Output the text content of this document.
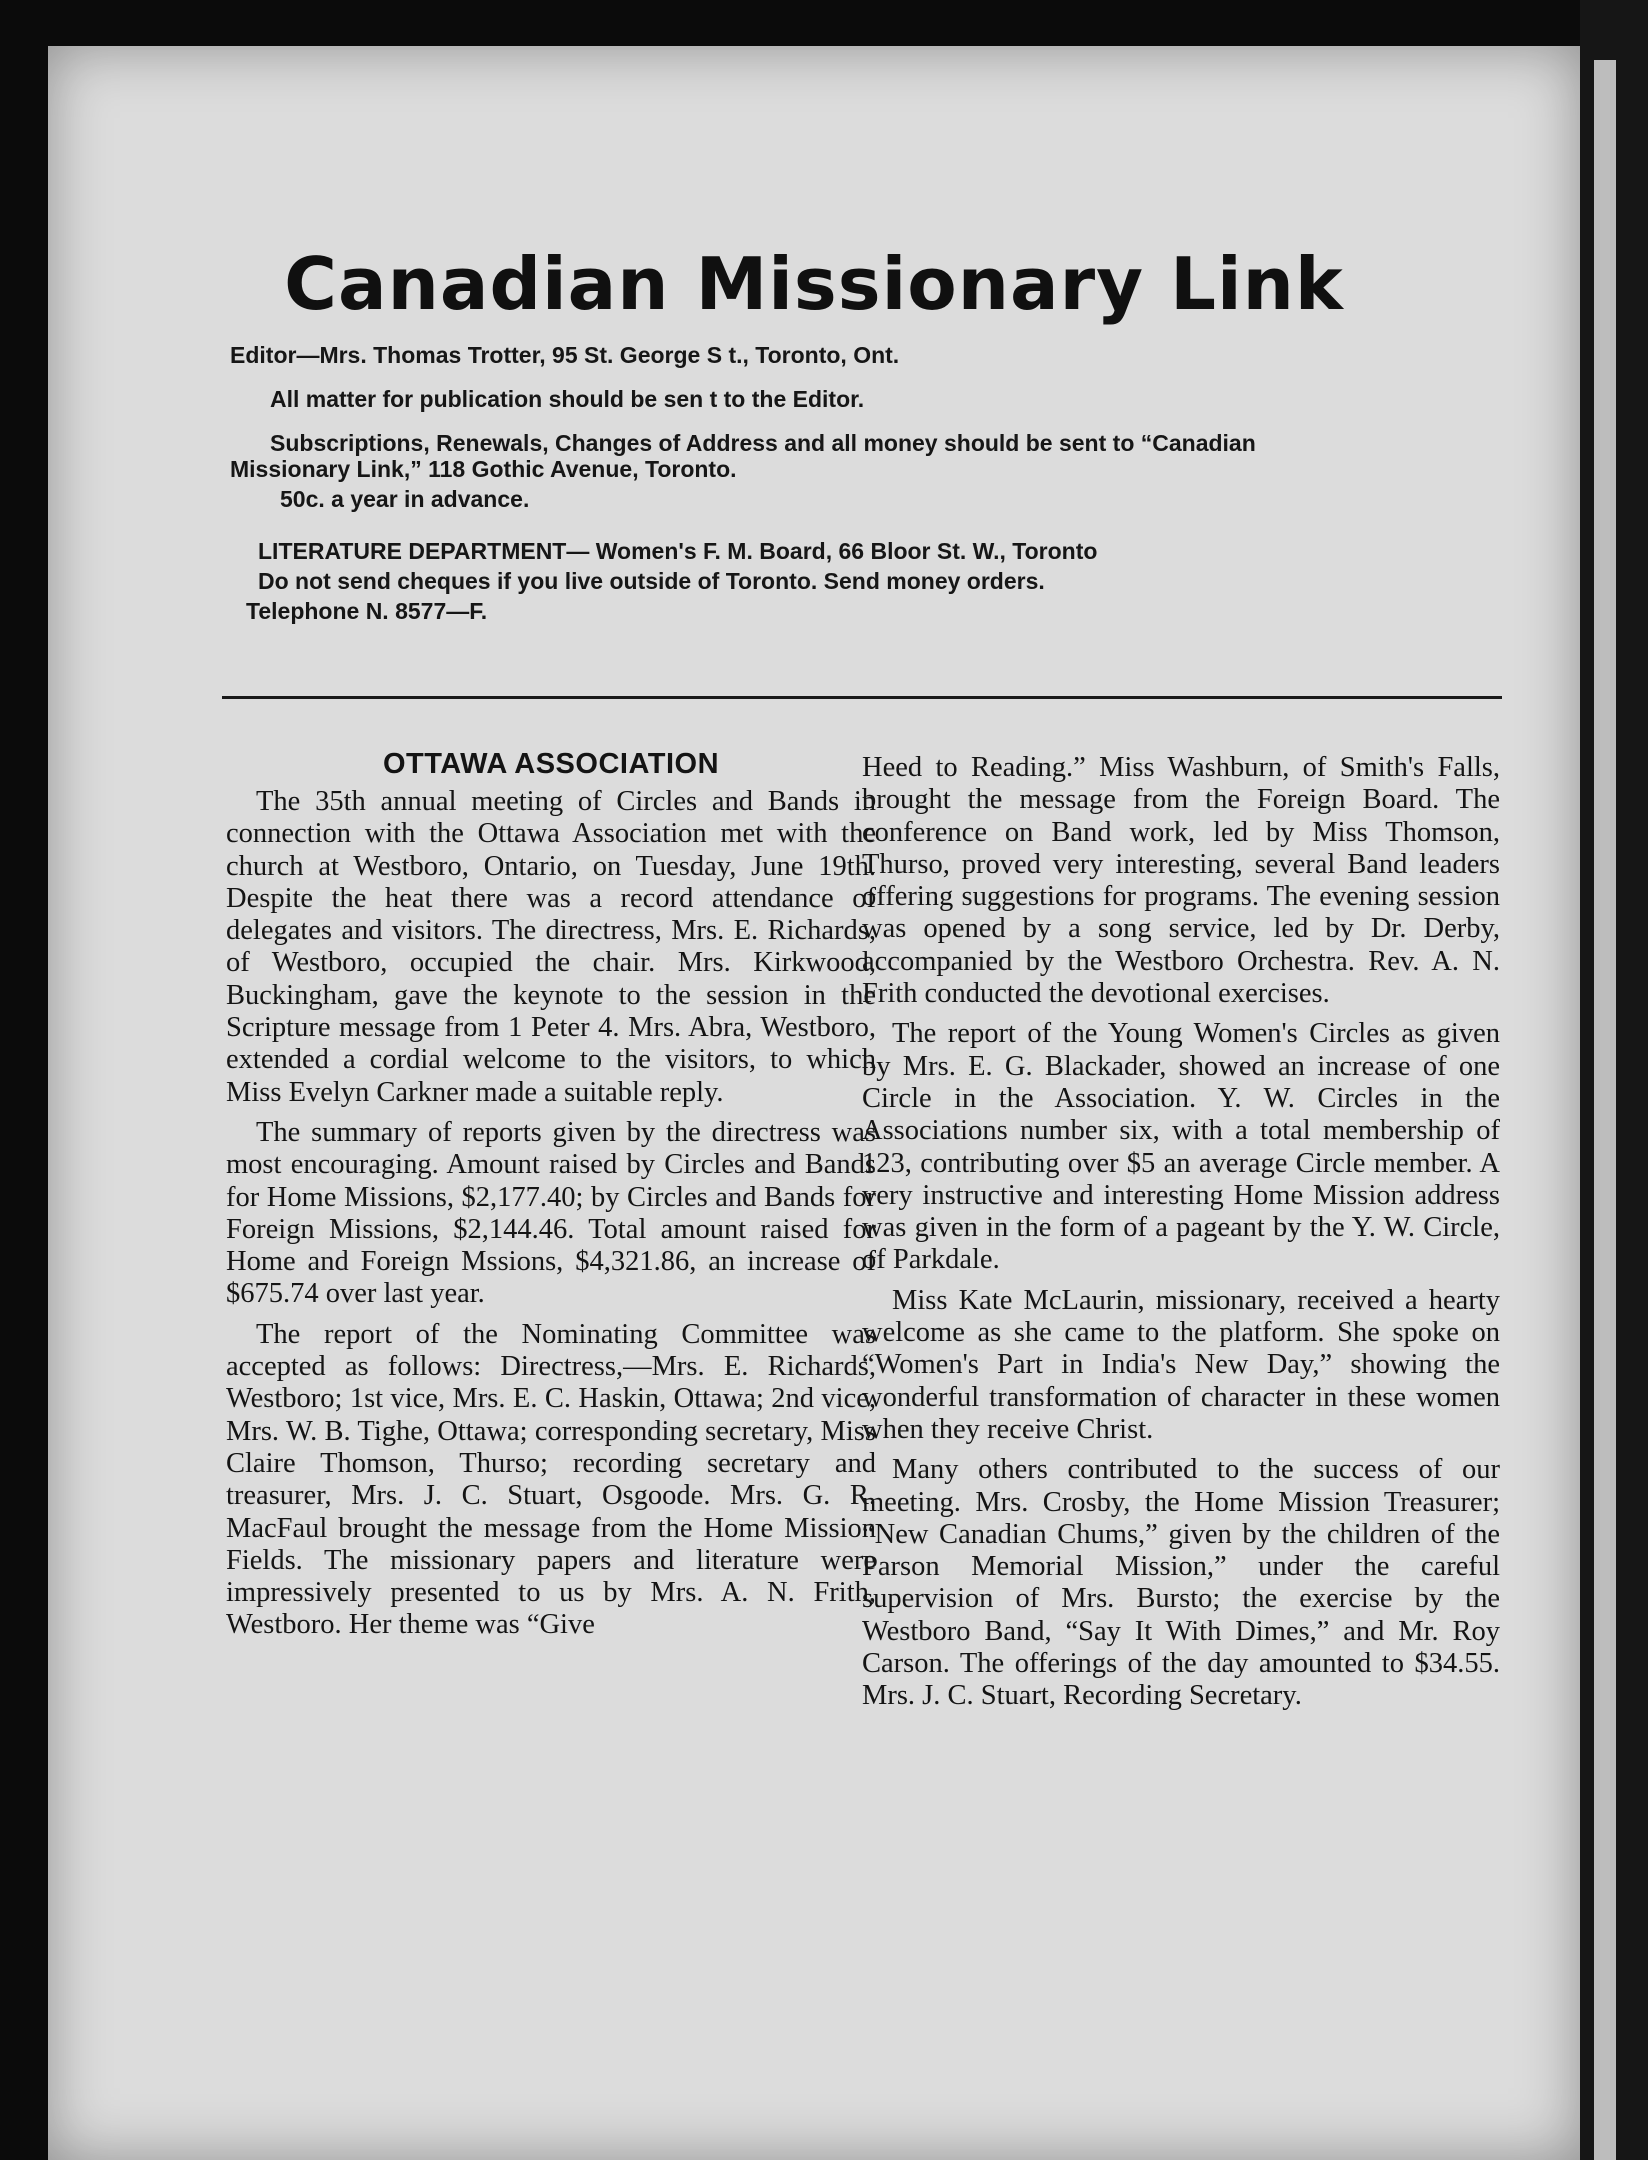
Canadian Missionary Link

Editor—Mrs. Thomas Trotter, 95 St. George S t., Toronto, Ont.

All matter for publication should be sen t to the Editor.

Subscriptions, Renewals, Changes of Address and all money should be sent to “Canadian

Missionary Link,” 118 Gothic Avenue, Toronto.

50c. a year in advance.

LITERATURE DEPARTMENT— Women's F. M. Board, 66 Bloor St. W., Toronto

Do not send cheques if you live outside of Toronto. Send money orders.

Telephone N. 8577—F.

OTTAWA ASSOCIATION

The 35th annual meeting of Circles and Bands in connection with the Ottawa Association met with the church at Westboro, Ontario, on Tuesday, June 19th. Despite the heat there was a record attendance of delegates and visitors. The directress, Mrs. E. Richards, of Westboro, occupied the chair. Mrs. Kirkwood, Buckingham, gave the keynote to the session in the Scripture message from 1 Peter 4. Mrs. Abra, Westboro, extended a cordial welcome to the visitors, to which Miss Evelyn Carkner made a suitable reply.

The summary of reports given by the directress was most encouraging. Amount raised by Circles and Bands for Home Missions, $2,177.40; by Circles and Bands for Foreign Missions, $2,144.46. Total amount raised for Home and Foreign Mssions, $4,321.86, an increase of $675.74 over last year.

The report of the Nominating Committee was accepted as follows: Directress,—Mrs. E. Richards, Westboro; 1st vice, Mrs. E. C. Haskin, Ottawa; 2nd vice, Mrs. W. B. Tighe, Ottawa; corresponding secretary, Miss Claire Thomson, Thurso; recording secretary and treasurer, Mrs. J. C. Stuart, Osgoode. Mrs. G. R. MacFaul brought the message from the Home Mission Fields. The missionary papers and literature were impressively presented to us by Mrs. A. N. Frith, Westboro. Her theme was “Give

Heed to Reading.” Miss Washburn, of Smith's Falls, brought the message from the Foreign Board. The conference on Band work, led by Miss Thomson, Thurso, proved very interesting, several Band leaders offering suggestions for programs. The evening session was opened by a song service, led by Dr. Derby, accompanied by the Westboro Orchestra. Rev. A. N. Frith conducted the devotional exercises.

The report of the Young Women's Circles as given by Mrs. E. G. Blackader, showed an increase of one Circle in the Association. Y. W. Circles in the Associations number six, with a total membership of 123, contributing over $5 an average Circle member. A very instructive and interesting Home Mission address was given in the form of a pageant by the Y. W. Circle, of Parkdale.

Miss Kate McLaurin, missionary, received a hearty welcome as she came to the platform. She spoke on “Women's Part in India's New Day,” showing the wonderful transformation of character in these women when they receive Christ.

Many others contributed to the success of our meeting. Mrs. Crosby, the Home Mission Treasurer; “New Canadian Chums,” given by the children of the Parson Memorial Mission,” under the careful supervision of Mrs. Bursto; the exercise by the Westboro Band, “Say It With Dimes,” and Mr. Roy Carson. The offerings of the day amounted to $34.55. Mrs. J. C. Stuart, Recording Secretary.
